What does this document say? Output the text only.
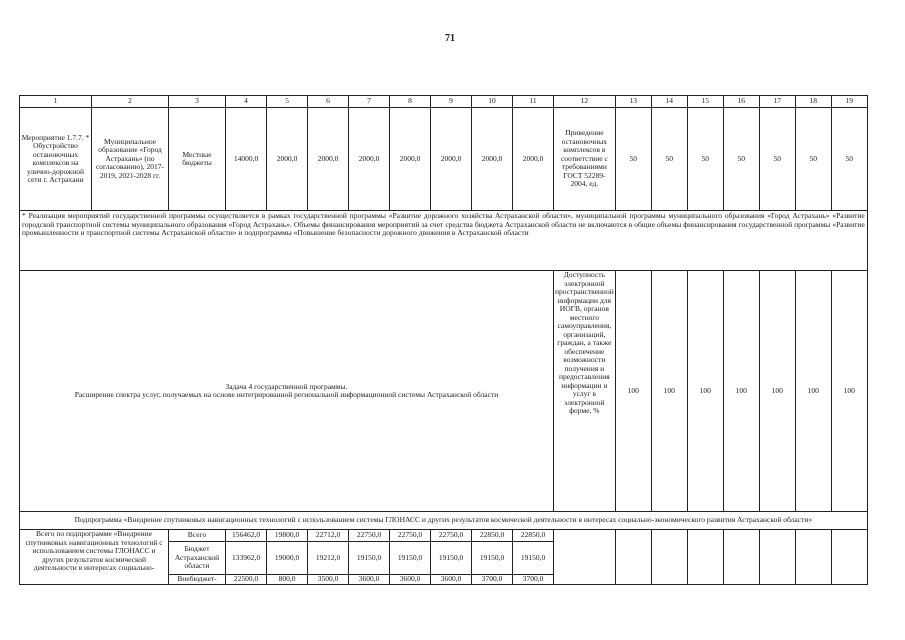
71
1	2	3	4	5	6	7	8	9	10	11	12	13	14	15	16	17	18	19
Мероприятие 1.7.7. * Обустройство остановочных комплексов на улично-дорожной сети г. Астрахани	Муниципальное образование «Город Астрахань» (по согласованию), 2017-2019, 2021-2028 гг.	Местные бюджеты	14000,0	2000,0	2000,0	2000,0	2000,0	2000,0	2000,0	2000,0	Приведение остановочных комплексов в соответствие с требованиями ГОСТ 52289-2004, ед.	50	50	50	50	50	50	50
* Реализация мероприятий государственной программы осуществляется в рамках государственной программы «Развитие дорожного хозяйства Астраханской области», муниципальной программы муниципального образования «Город Астрахань» «Развитие городской транспортной системы муниципального образования «Город Астрахань». Объемы финансирования мероприятий за счет средства бюджета Астраханской области не включаются в общие объемы финансирования государственной программы «Развитие промышленности и транспортной системы Астраханской области» и подпрограммы «Повышение безопасности дорожного движения в Астраханской области																		

Задача 4 государственной программы.
Расширение спектра услуг, получаемых на основе интегрированной региональной информационной системы Астраханской области											Доступность электронной пространственной информации для ИОГВ, органов местного самоуправления, организаций, граждан, а также обеспечение возможности получения и предоставления информации и услуг в электронной форме, %	100	100	100	100	100	100	100
Подпрограмма «Внедрение спутниковых навигационных технологий с использованием системы ГЛОНАСС и других результатов космической деятельности в интересах социально-экономического развития Астраханской области»																		
Всего по подпрограмме «Внедрение спутниковых навигационных технологий с использованием системы ГЛОНАСС и других результатов космической деятельности в интересах социально-		Всего	156462,0	19800,0	22712,0	22750,0	22750,0	22750,0	22850,0	22850,0								
		Бюджет Астраханской области	133962,0	19000,0	19212,0	19150,0	19150,0	19150,0	19150,0	19150,0								
		Внебюджет-	22500,0	800,0	3500,0	3600,0	3600,0	3600,0	3700,0	3700,0								
